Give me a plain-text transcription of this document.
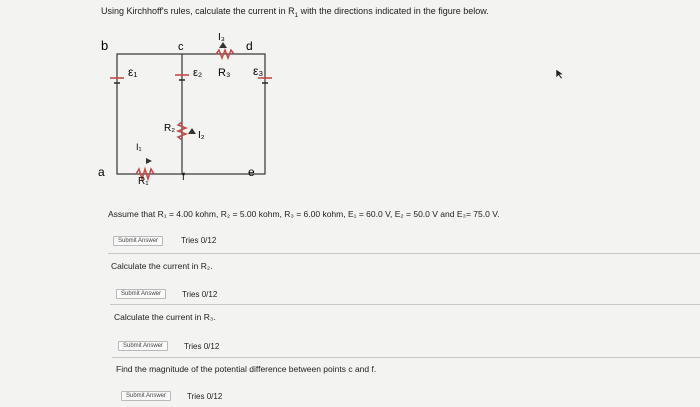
Using Kirchhoff's rules, calculate the current in $R_1$ with the directions indicated in the figure below.
b	c	d
a	e
f
ε₁	ε₂	ε₃
R₃
R₂
R₁
I₃
I₂
I₁
Assume that R₁ = 4.00 kohm, R₂ = 5.00 kohm, R₃ = 6.00 kohm, E₁ = 60.0 V, E₂ = 50.0 V and E₃= 75.0 V.
Submit Answer	Tries 0/12
Calculate the current in R₂.
Submit Answer	Tries 0/12
Calculate the current in R₃.
Submit Answer	Tries 0/12
Find the magnitude of the potential difference between points c and f.
Submit Answer	Tries 0/12
